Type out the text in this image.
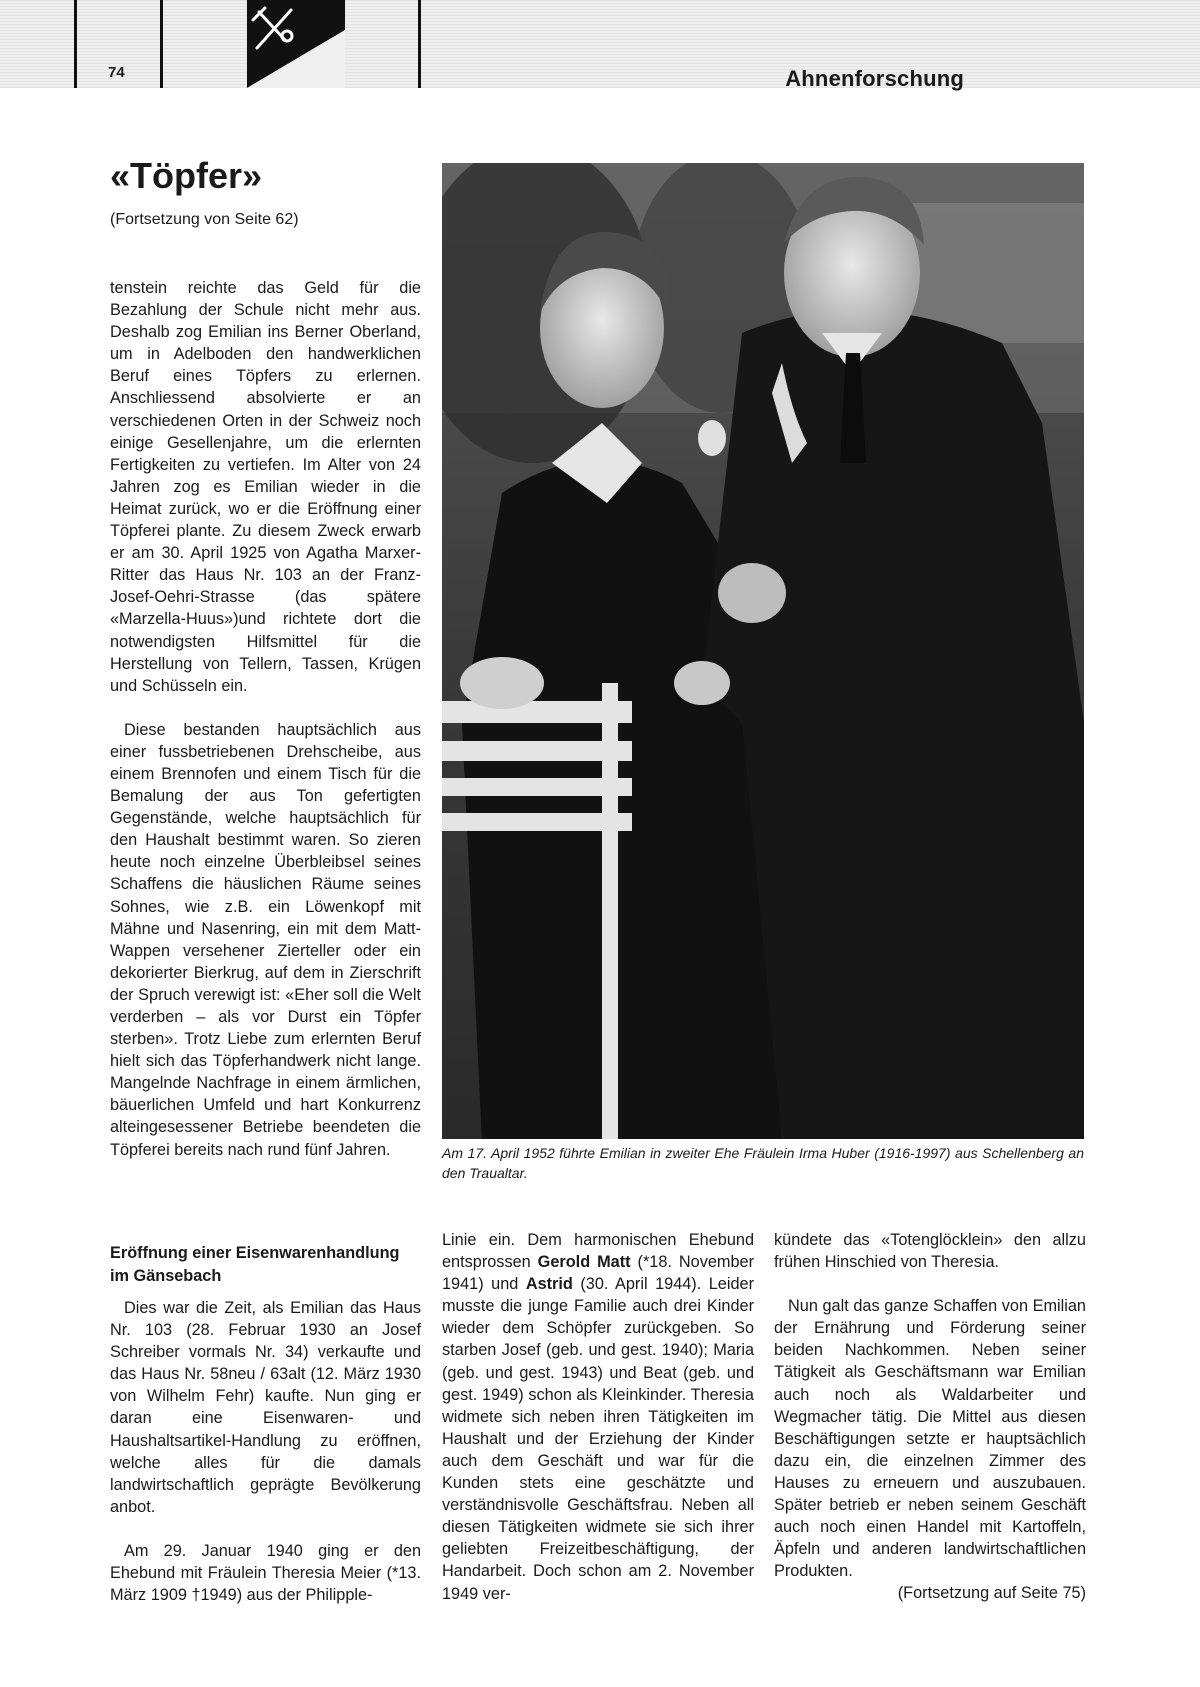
74	Ahnenforschung
«Töpfer»
(Fortsetzung von Seite 62)

tenstein reichte das Geld für die Bezahlung der Schule nicht mehr aus. Deshalb zog Emilian ins Berner Oberland, um in Adelboden den handwerklichen Beruf eines Töpfers zu erlernen. Anschliessend absolvierte er an verschiedenen Orten in der Schweiz noch einige Gesellenjahre, um die erlernten Fertigkeiten zu vertiefen. Im Alter von 24 Jahren zog es Emilian wieder in die Heimat zurück, wo er die Eröffnung einer Töpferei plante. Zu diesem Zweck erwarb er am 30. April 1925 von Agatha Marxer-Ritter das Haus Nr. 103 an der Franz-Josef-Oehri-Strasse (das spätere «Marzella-Huus»)und richtete dort die notwendigsten Hilfsmittel für die Herstellung von Tellern, Tassen, Krügen und Schüsseln ein.

Diese bestanden hauptsächlich aus einer fussbetriebenen Drehscheibe, aus einem Brennofen und einem Tisch für die Bemalung der aus Ton gefertigten Gegenstände, welche hauptsächlich für den Haushalt bestimmt waren. So zieren heute noch einzelne Überbleibsel seines Schaffens die häuslichen Räume seines Sohnes, wie z.B. ein Löwenkopf mit Mähne und Nasenring, ein mit dem Matt-Wappen versehener Zierteller oder ein dekorierter Bierkrug, auf dem in Zierschrift der Spruch verewigt ist: «Eher soll die Welt verderben – als vor Durst ein Töpfer sterben». Trotz Liebe zum erlernten Beruf hielt sich das Töpferhandwerk nicht lange. Mangelnde Nachfrage in einem ärmlichen, bäuerlichen Umfeld und hart Konkurrenz alteingesessener Betriebe beendeten die Töpferei bereits nach rund fünf Jahren.

Eröffnung einer Eisenwarenhandlung im Gänsebach

Dies war die Zeit, als Emilian das Haus Nr. 103 (28. Februar 1930 an Josef Schreiber vormals Nr. 34) verkaufte und das Haus Nr. 58neu / 63alt (12. März 1930 von Wilhelm Fehr) kaufte. Nun ging er daran eine Eisenwaren- und Haushaltsartikel-Handlung zu eröffnen, welche alles für die damals landwirtschaftlich geprägte Bevölkerung anbot.

Am 29. Januar 1940 ging er den Ehebund mit Fräulein Theresia Meier (*13. März 1909 †1949) aus der Philipple-

Linie ein. Dem harmonischen Ehebund entsprossen Gerold Matt (*18. November 1941) und Astrid (30. April 1944). Leider musste die junge Familie auch drei Kinder wieder dem Schöpfer zurückgeben. So starben Josef (geb. und gest. 1940); Maria (geb. und gest. 1943) und Beat (geb. und gest. 1949) schon als Kleinkinder. Theresia widmete sich neben ihren Tätigkeiten im Haushalt und der Erziehung der Kinder auch dem Geschäft und war für die Kunden stets eine geschätzte und verständnisvolle Geschäftsfrau. Neben all diesen Tätigkeiten widmete sie sich ihrer geliebten Freizeitbeschäftigung, der Handarbeit. Doch schon am 2. November 1949 ver-

kündete das «Totenglöcklein» den allzu frühen Hinschied von Theresia.

Nun galt das ganze Schaffen von Emilian der Ernährung und Förderung seiner beiden Nachkommen. Neben seiner Tätigkeit als Geschäftsmann war Emilian auch noch als Waldarbeiter und Wegmacher tätig. Die Mittel aus diesen Beschäftigungen setzte er hauptsächlich dazu ein, die einzelnen Zimmer des Hauses zu erneuern und auszubauen. Später betrieb er neben seinem Geschäft auch noch einen Handel mit Kartoffeln, Äpfeln und anderen landwirtschaftlichen Produkten.

(Fortsetzung auf Seite 75)
Am 17. April 1952 führte Emilian in zweiter Ehe Fräulein Irma Huber (1916-1997) aus Schellenberg an den Traualtar.
